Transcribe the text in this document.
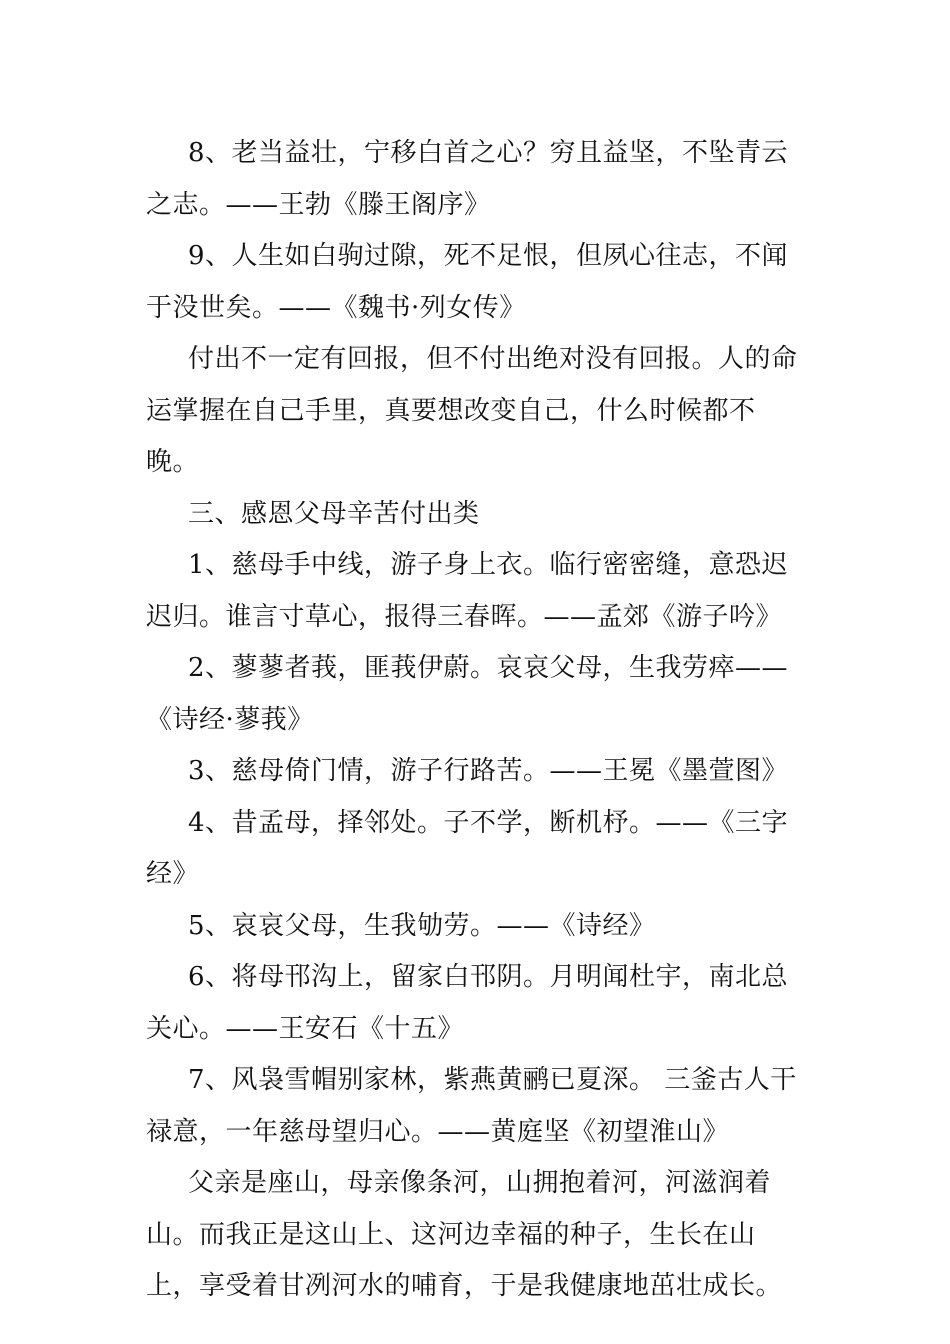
8、老当益壮，宁移白首之心？穷且益坚，不坠青云之志。——王勃《滕王阁序》

9、人生如白驹过隙，死不足恨，但夙心往志，不闻于没世矣。——《魏书·列女传》

付出不一定有回报，但不付出绝对没有回报。人的命运掌握在自己手里，真要想改变自己，什么时候都不晚。

三、感恩父母辛苦付出类

1、慈母手中线，游子身上衣。临行密密缝，意恐迟迟归。谁言寸草心，报得三春晖。——孟郊《游子吟》

2、蓼蓼者莪，匪莪伊蔚。哀哀父母，生我劳瘁——《诗经·蓼莪》

3、慈母倚门情，游子行路苦。——王冕《墨萱图》

4、昔孟母，择邻处。子不学，断机杼。——《三字经》

5、哀哀父母，生我劬劳。——《诗经》

6、将母邗沟上，留家白邗阴。月明闻杜宇，南北总关心。——王安石《十五》

7、风袅雪帽别家林，紫燕黄鹂已夏深。 三釜古人干禄意，一年慈母望归心。——黄庭坚《初望淮山》

父亲是座山，母亲像条河，山拥抱着河，河滋润着山。而我正是这山上、这河边幸福的种子，生长在山上，享受着甘冽河水的哺育，于是我健康地茁壮成长。
